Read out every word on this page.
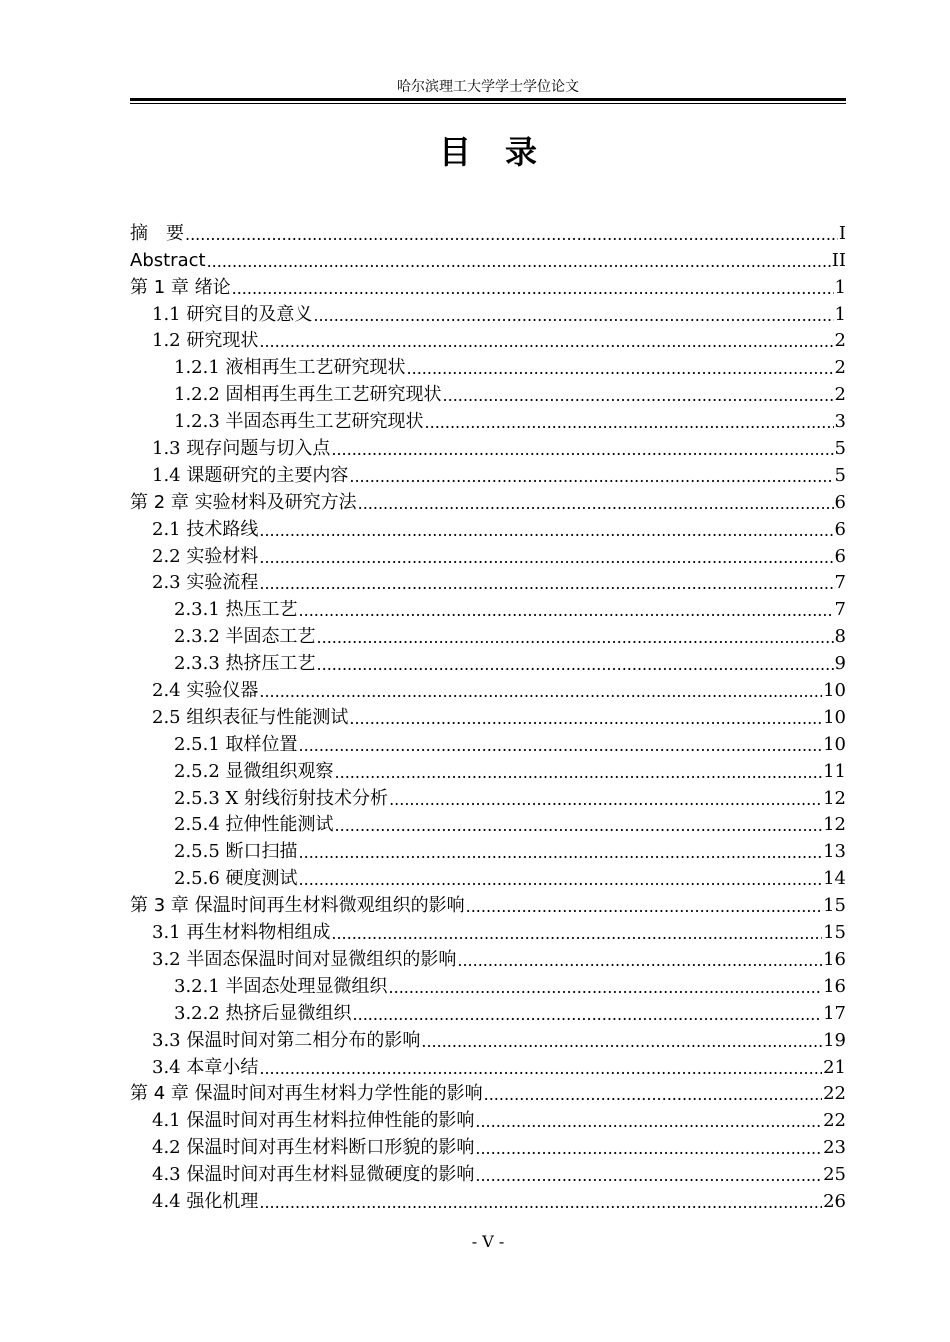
哈尔滨理工大学学士学位论文
目录
摘　要 .....	I
Abstract .....	II
第 1 章 绪论 .....	1
1.1 研究目的及意义 .....	1
1.2 研究现状 .....	2
1.2.1 液相再生工艺研究现状 .....	2
1.2.2 固相再生再生工艺研究现状 .....	2
1.2.3 半固态再生工艺研究现状 .....	3
1.3 现存问题与切入点 .....	5
1.4 课题研究的主要内容 .....	5
第 2 章 实验材料及研究方法 .....	6
2.1 技术路线 .....	6
2.2 实验材料 .....	6
2.3 实验流程 .....	7
2.3.1 热压工艺 .....	7
2.3.2 半固态工艺 .....	8
2.3.3 热挤压工艺 .....	9
2.4 实验仪器 .....	10
2.5 组织表征与性能测试 .....	10
2.5.1 取样位置 .....	10
2.5.2 显微组织观察 .....	11
2.5.3 X 射线衍射技术分析 .....	12
2.5.4 拉伸性能测试 .....	12
2.5.5 断口扫描 .....	13
2.5.6 硬度测试 .....	14
第 3 章 保温时间再生材料微观组织的影响 .....	15
3.1 再生材料物相组成 .....	15
3.2 半固态保温时间对显微组织的影响 .....	16
3.2.1 半固态处理显微组织 .....	16
3.2.2 热挤后显微组织 .....	17
3.3 保温时间对第二相分布的影响 .....	19
3.4 本章小结 .....	21
第 4 章 保温时间对再生材料力学性能的影响 .....	22
4.1 保温时间对再生材料拉伸性能的影响 .....	22
4.2 保温时间对再生材料断口形貌的影响 .....	23
4.3 保温时间对再生材料显微硬度的影响 .....	25
4.4 强化机理 .....	26
- V -
